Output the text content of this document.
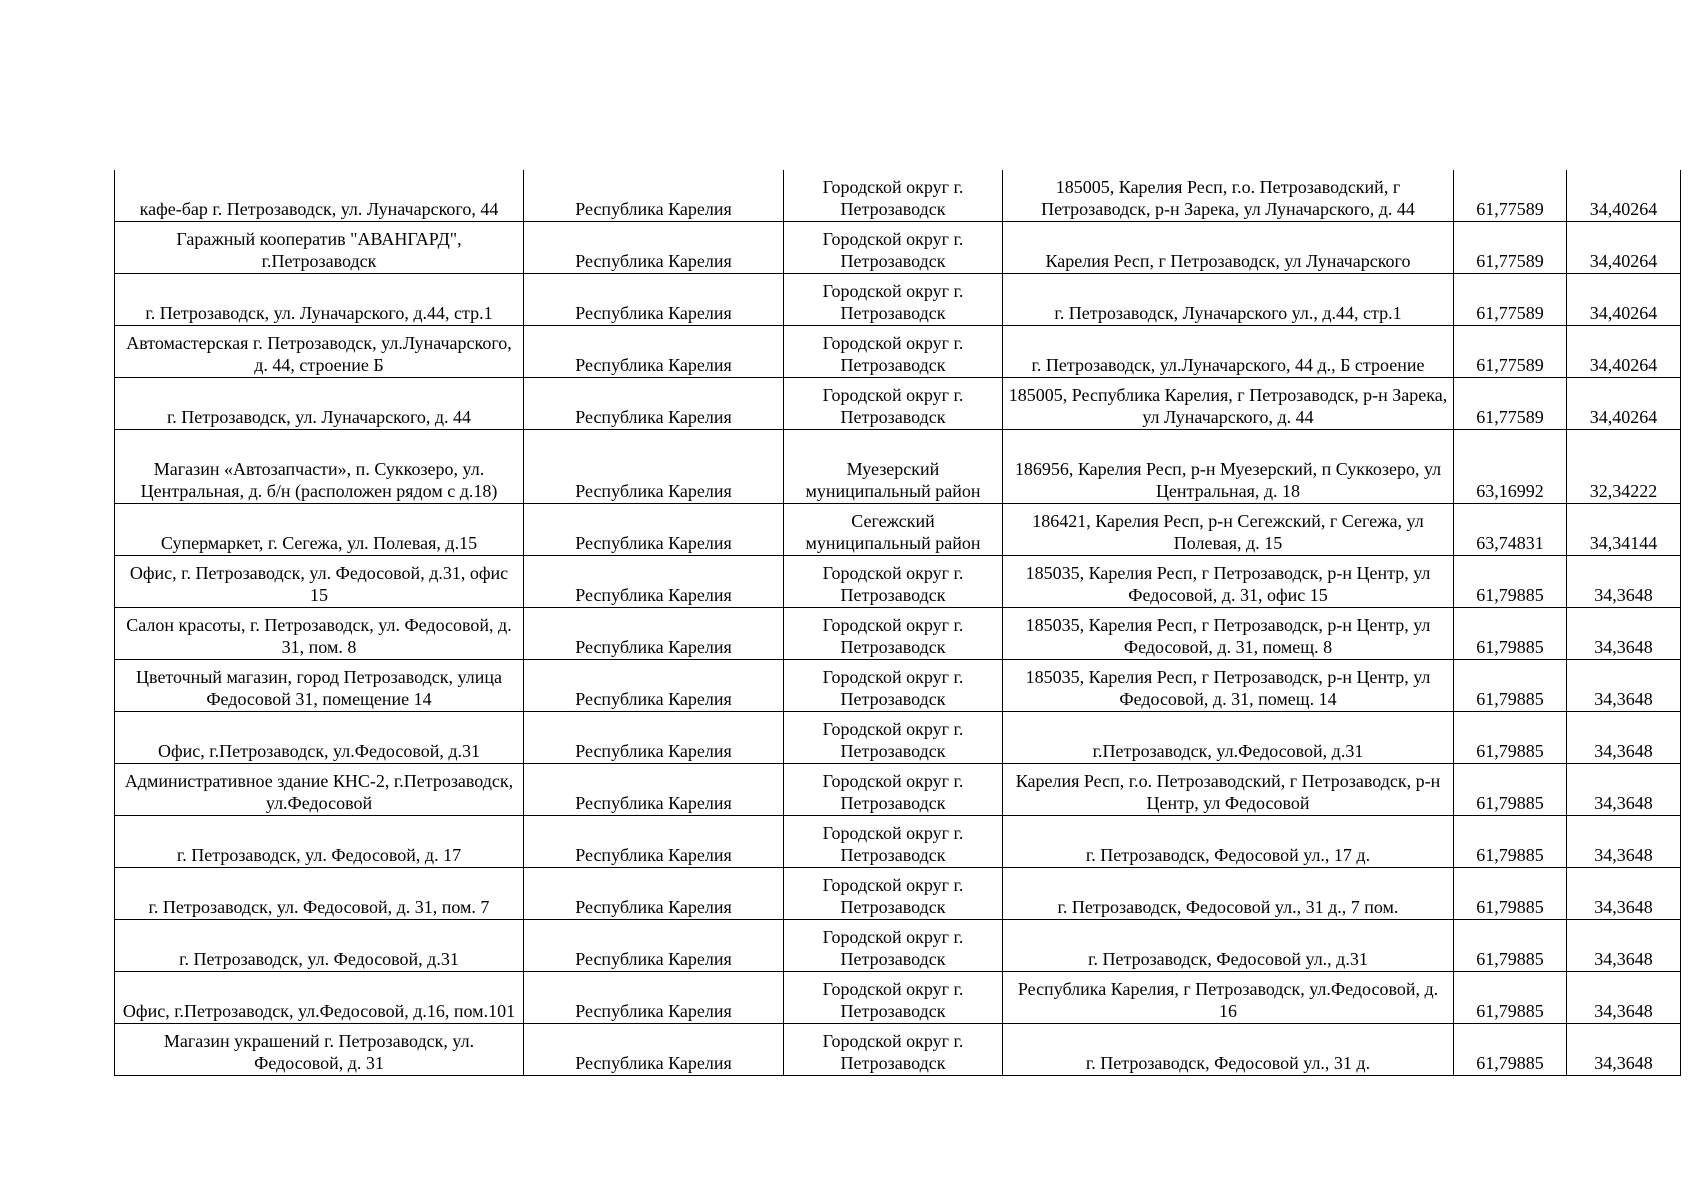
кафе-бар г. Петрозаводск, ул. Луначарского, 44	Республика Карелия	Городской округ г. Петрозаводск	185005, Карелия Респ, г.о. Петрозаводский, г Петрозаводск, р-н Зарека, ул Луначарского, д. 44	61,77589	34,40264
Гаражный кооператив "АВАНГАРД", г.Петрозаводск	Республика Карелия	Городской округ г. Петрозаводск	Карелия Респ, г Петрозаводск, ул Луначарского	61,77589	34,40264
г. Петрозаводск, ул. Луначарского, д.44, стр.1	Республика Карелия	Городской округ г. Петрозаводск	г. Петрозаводск, Луначарского ул., д.44, стр.1	61,77589	34,40264
Автомастерская г. Петрозаводск, ул.Луначарского, д. 44, строение Б	Республика Карелия	Городской округ г. Петрозаводск	г. Петрозаводск, ул.Луначарского, 44 д., Б строение	61,77589	34,40264
г. Петрозаводск, ул. Луначарского, д. 44	Республика Карелия	Городской округ г. Петрозаводск	185005, Республика Карелия, г Петрозаводск, р-н Зарека, ул Луначарского, д. 44	61,77589	34,40264
Магазин «Автозапчасти», п. Суккозеро, ул. Центральная, д. б/н (расположен рядом с д.18)	Республика Карелия	Муезерский муниципальный район	186956, Карелия Респ, р-н Муезерский, п Суккозеро, ул Центральная, д. 18	63,16992	32,34222
Супермаркет, г. Сегежа, ул. Полевая, д.15	Республика Карелия	Сегежский муниципальный район	186421, Карелия Респ, р-н Сегежский, г Сегежа, ул Полевая, д. 15	63,74831	34,34144
Офис, г. Петрозаводск, ул. Федосовой, д.31, офис 15	Республика Карелия	Городской округ г. Петрозаводск	185035, Карелия Респ, г Петрозаводск, р-н Центр, ул Федосовой, д. 31, офис 15	61,79885	34,3648
Салон красоты, г. Петрозаводск, ул. Федосовой, д. 31, пом. 8	Республика Карелия	Городской округ г. Петрозаводск	185035, Карелия Респ, г Петрозаводск, р-н Центр, ул Федосовой, д. 31, помещ. 8	61,79885	34,3648
Цветочный магазин, город Петрозаводск, улица Федосовой 31, помещение 14	Республика Карелия	Городской округ г. Петрозаводск	185035, Карелия Респ, г Петрозаводск, р-н Центр, ул Федосовой, д. 31, помещ. 14	61,79885	34,3648
Офис, г.Петрозаводск, ул.Федосовой, д.31	Республика Карелия	Городской округ г. Петрозаводск	г.Петрозаводск, ул.Федосовой, д.31	61,79885	34,3648
Административное здание КНС-2, г.Петрозаводск, ул.Федосовой	Республика Карелия	Городской округ г. Петрозаводск	Карелия Респ, г.о. Петрозаводский, г Петрозаводск, р-н Центр, ул Федосовой	61,79885	34,3648
г. Петрозаводск, ул. Федосовой, д. 17	Республика Карелия	Городской округ г. Петрозаводск	г. Петрозаводск, Федосовой ул., 17 д.	61,79885	34,3648
г. Петрозаводск, ул. Федосовой, д. 31, пом. 7	Республика Карелия	Городской округ г. Петрозаводск	г. Петрозаводск, Федосовой ул., 31 д., 7 пом.	61,79885	34,3648
г. Петрозаводск, ул. Федосовой, д.31	Республика Карелия	Городской округ г. Петрозаводск	г. Петрозаводск, Федосовой ул., д.31	61,79885	34,3648
Офис, г.Петрозаводск, ул.Федосовой, д.16, пом.101	Республика Карелия	Городской округ г. Петрозаводск	Республика Карелия, г Петрозаводск, ул.Федосовой, д. 16	61,79885	34,3648
Магазин украшений г. Петрозаводск, ул. Федосовой, д. 31	Республика Карелия	Городской округ г. Петрозаводск	г. Петрозаводск, Федосовой ул., 31 д.	61,79885	34,3648
